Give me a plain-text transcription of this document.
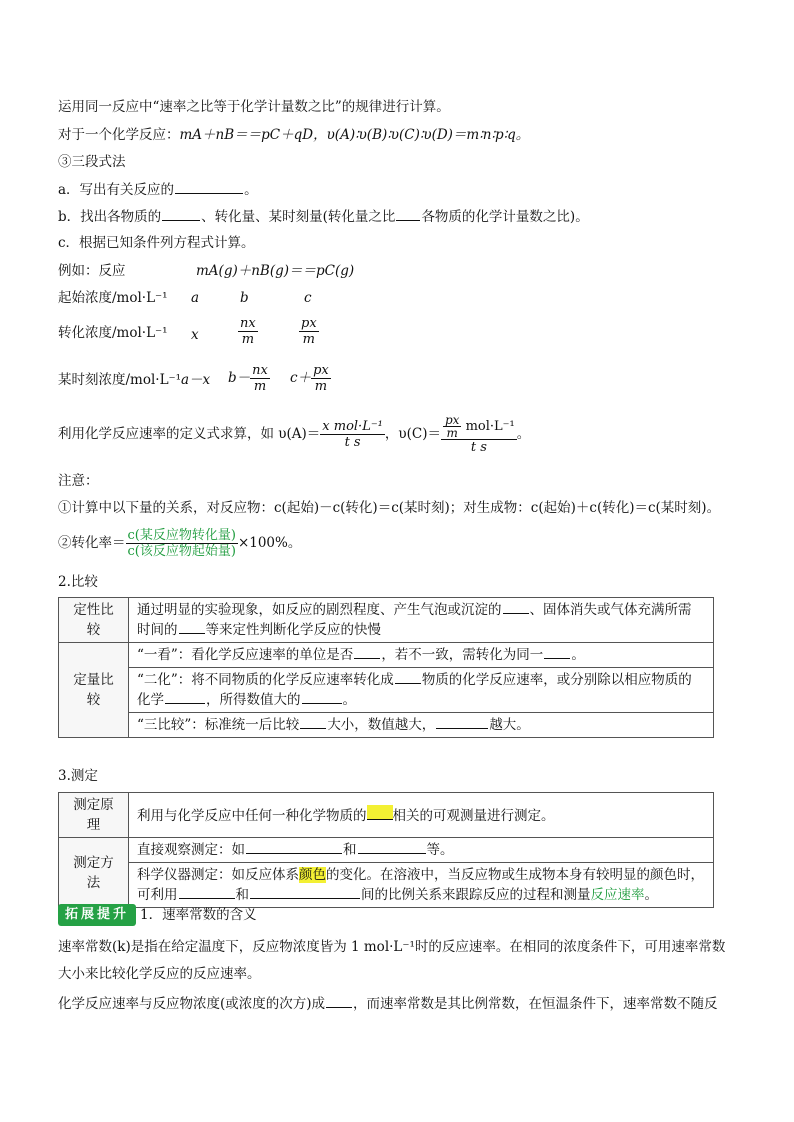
运用同一反应中“速率之比等于化学计量数之比”的规律进行计算。
对于一个化学反应：mA＋nB＝＝pC＋qD，υ(A)∶υ(B)∶υ(C)∶υ(D)＝m∶n∶p∶q。
③三段式法
a．写出有关反应的	。
b．找出各物质的	、转化量、某时刻量(转化量之比 各物质的化学计量数之比)。
c．根据已知条件列方程式计算。
例如：反应	mA(g)＋nB(g)＝＝pC(g)
起始浓度/mol·L⁻¹ a	b	c
转化浓度/mol·L⁻¹ x	$\frac{nx}{m}$	$\frac{px}{m}$
某时刻浓度/mol·L⁻¹ a－x $b- \frac{nx}{m} c+ \frac{px}{m}$
利用化学反应速率的定义式求算，如 $\upsilon(A)= \frac{\text{x mol·L⁻¹}}{\text{t s}}$ ，$\upsilon(C)= \frac{\frac{px}{m} mol\cdot L^{-1}}{\text{t s}}$ 。
注意：
①计算中以下量的关系，对反应物：c(起始)－c(转化)＝c(某时刻)；对生成物：c(起始)＋c(转化)＝c(某时刻)。
②转化率＝ $\frac{\text{c(某反应物转化量)}}{\text{c(该反应物起始量)}} \times 100\%$。
2.比较
定性比较	通过明显的实验现象，如反应的剧烈程度、产生气泡或沉淀的 、固体消失或气体充满所需
时间的 等来定性判断化学反应的快慢
定量比较	“一看”：看化学反应速率的单位是否 ，若不一致，需转化为同一 。
	“二化”：将不同物质的化学反应速率转化成 物质的化学反应速率，或分别除以相应物质的
化学 ，所得数值大的 。
	“三比较”：标准统一后比较 大小，数值越大， 越大。
3.测定
测定原理	利用与化学反应中任何一种化学物质的 相关的可观测量进行测定。
测定方法	直接观察测定：如 和 等。
	科学仪器测定：如反应体系颜色的变化。在溶液中，当反应物或生成物本身有较明显的颜色时，
可利用 和 间的比例关系来跟踪反应的过程和测量反应速率。
拓展提升 1．速率常数的含义
速率常数(k)是指在给定温度下，反应物浓度皆为 1 mol·L⁻¹时的反应速率。在相同的浓度条件下，可用速率常数
大小来比较化学反应的反应速率。
化学反应速率与反应物浓度(或浓度的次方)成 ，而速率常数是其比例常数，在恒温条件下，速率常数不随反
